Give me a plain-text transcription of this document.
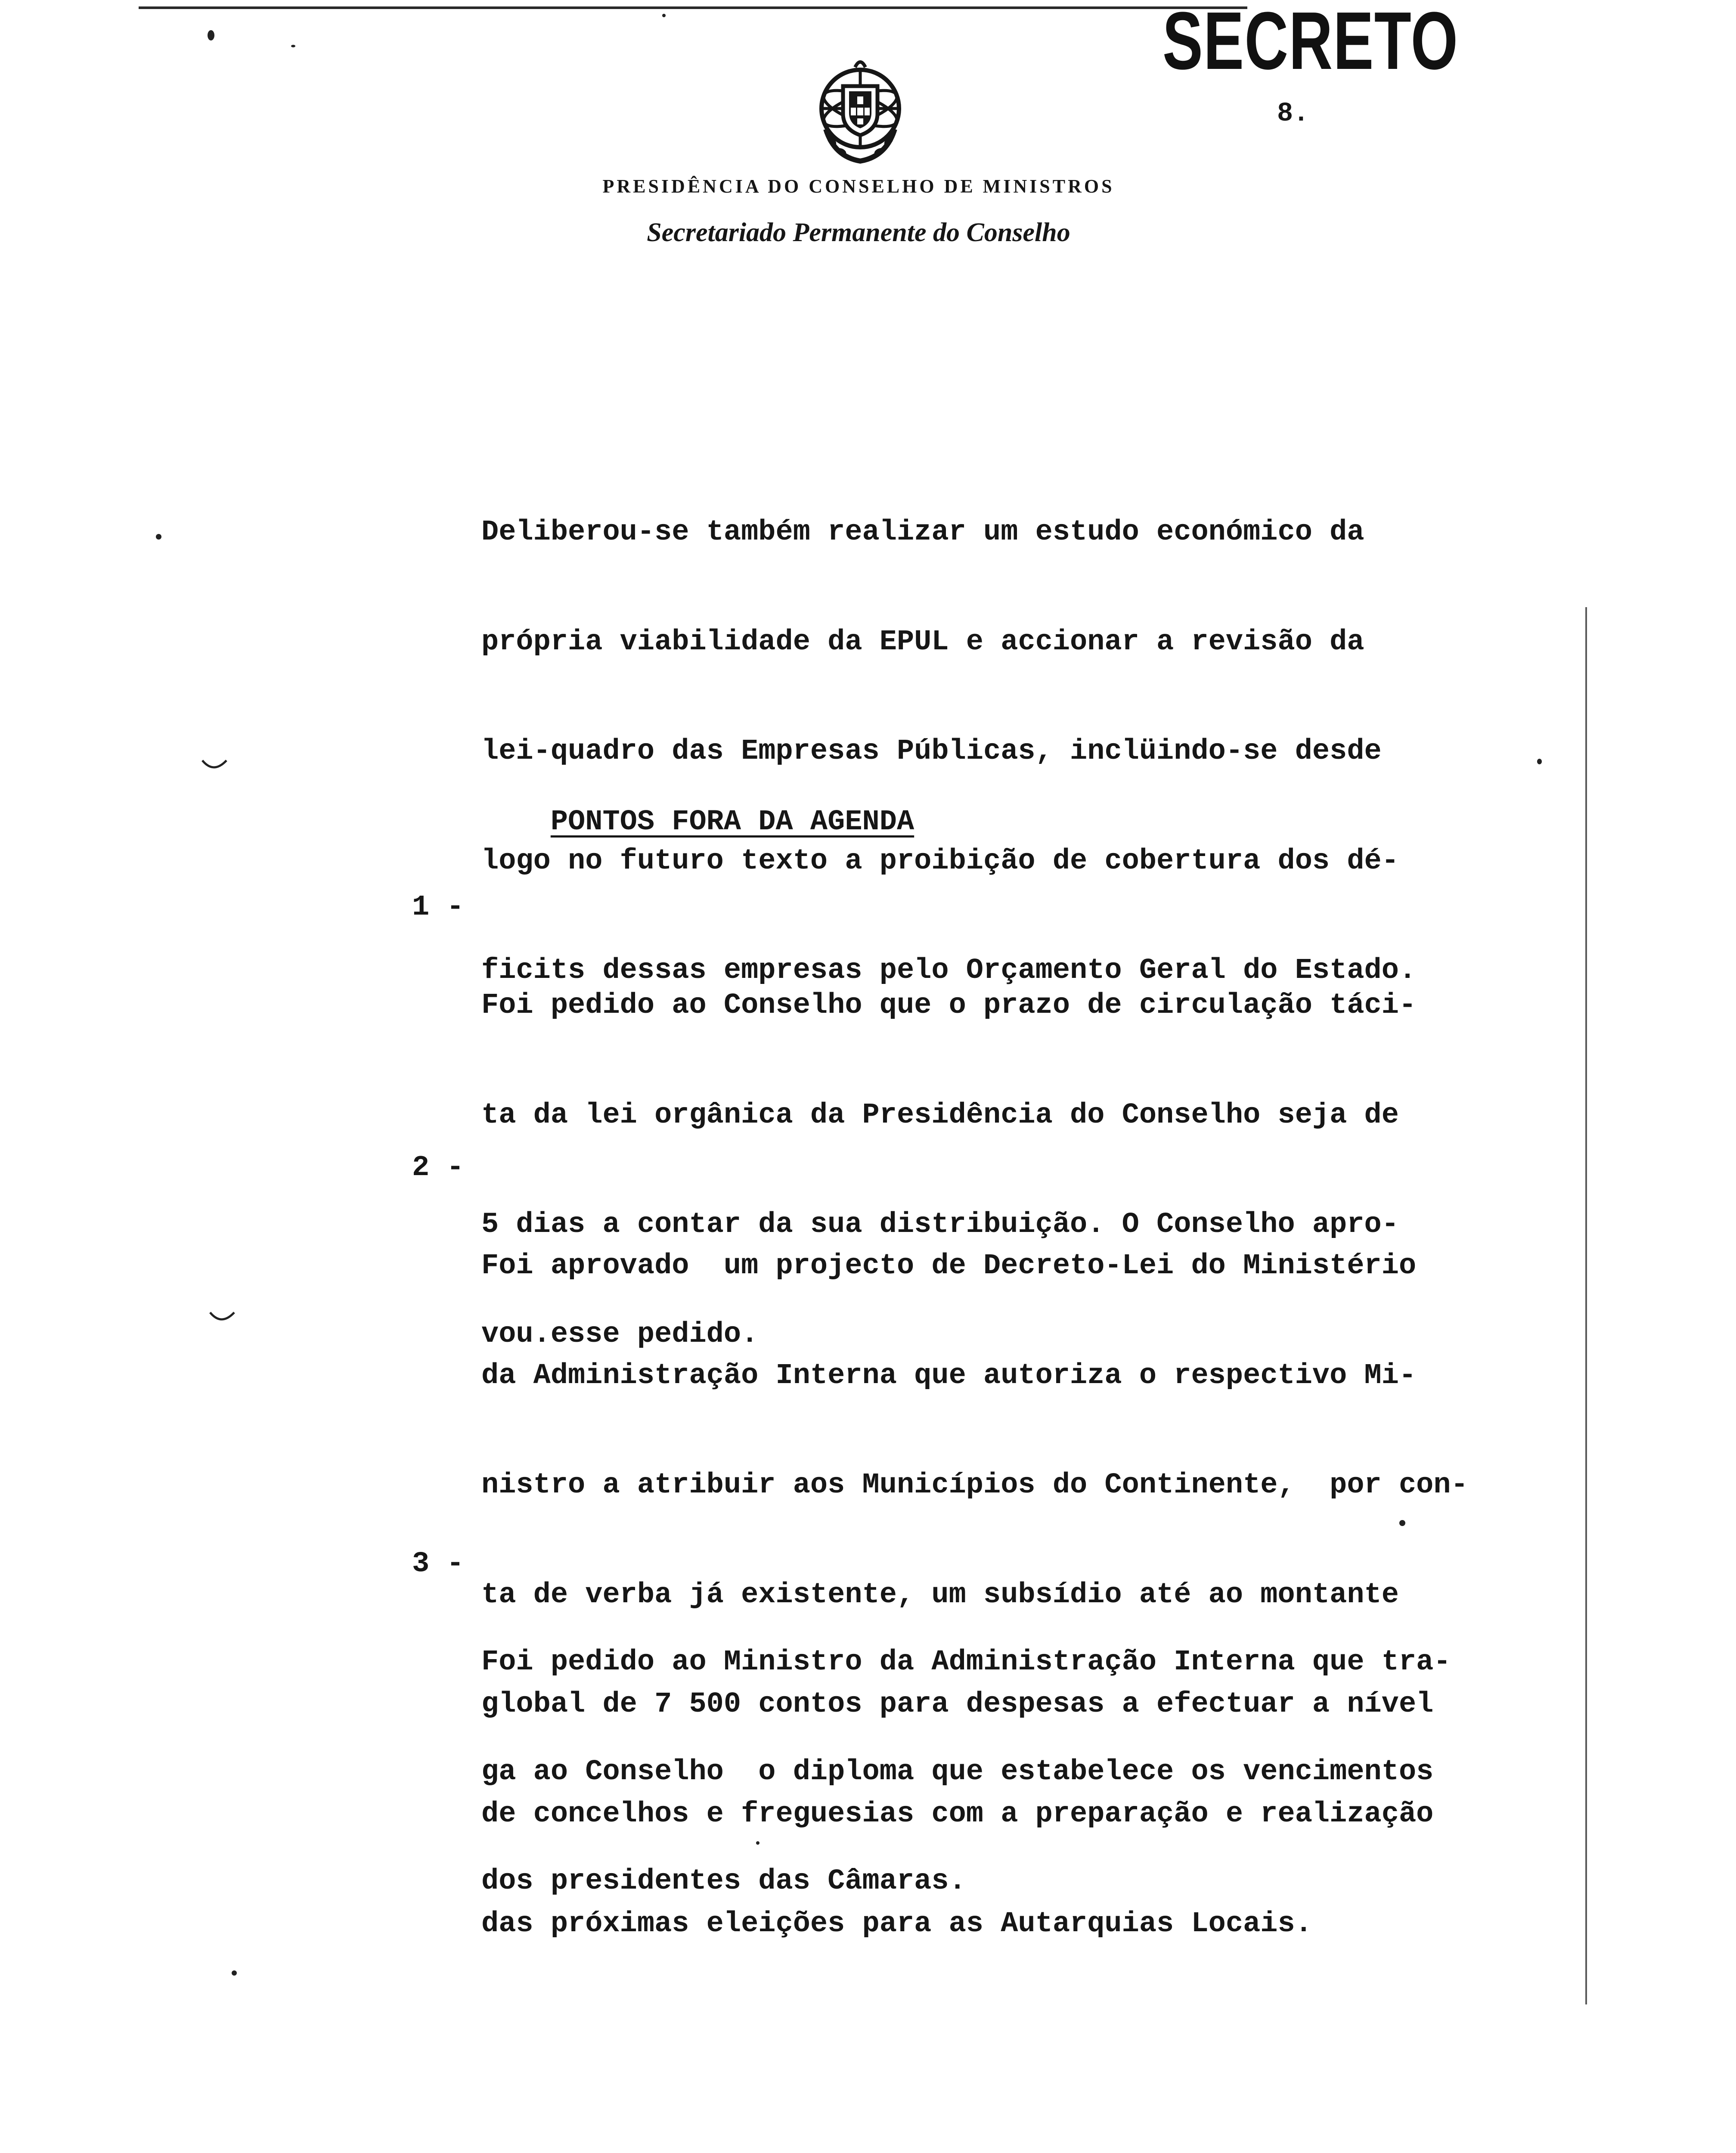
SECRETO
8.
PRESIDÊNCIA DO CONSELHO DE MINISTROS
Secretariado Permanente do Conselho

Deliberou-se também realizar um estudo económico da

própria viabilidade da EPUL e accionar a revisão da

lei-quadro das Empresas Públicas, inclüindo-se desde

logo no futuro texto a proibição de cobertura dos dé-

ficits dessas empresas pelo Orçamento Geral do Estado.

PONTOS FORA DA AGENDA

1 -

Foi pedido ao Conselho que o prazo de circulação táci-

ta da lei orgânica da Presidência do Conselho seja de

5 dias a contar da sua distribuição. O Conselho apro-

vou.esse pedido.

2 -

Foi aprovado  um projecto de Decreto-Lei do Ministério

da Administração Interna que autoriza o respectivo Mi-

nistro a atribuir aos Municípios do Continente,  por con-

ta de verba já existente, um subsídio até ao montante

global de 7 500 contos para despesas a efectuar a nível

de concelhos e freguesias com a preparação e realização

das próximas eleições para as Autarquias Locais.

3 -

Foi pedido ao Ministro da Administração Interna que tra-

ga ao Conselho  o diploma que estabelece os vencimentos

dos presidentes das Câmaras.
